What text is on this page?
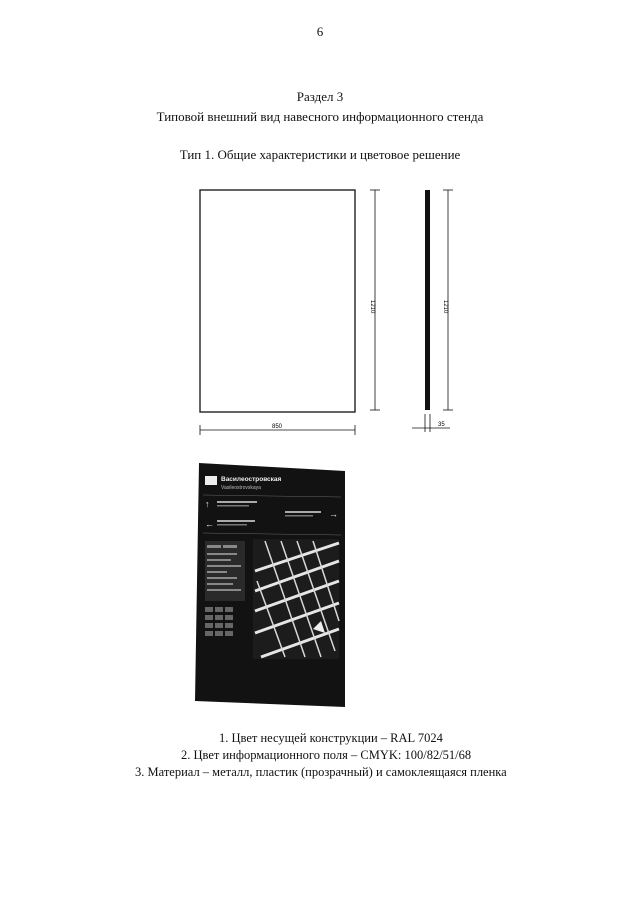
6
Раздел 3
Типовой внешний вид навесного информационного стенда
Тип 1. Общие характеристики и цветовое решение
1210
850
1210
35
Василеостровская
Vasileostrovskaya
↑
←
→
1. Цвет несущей конструкции – RAL 7024
2. Цвет информационного поля – CMYK: 100/82/51/68
3. Материал – металл, пластик (прозрачный) и самоклеящаяся пленка
